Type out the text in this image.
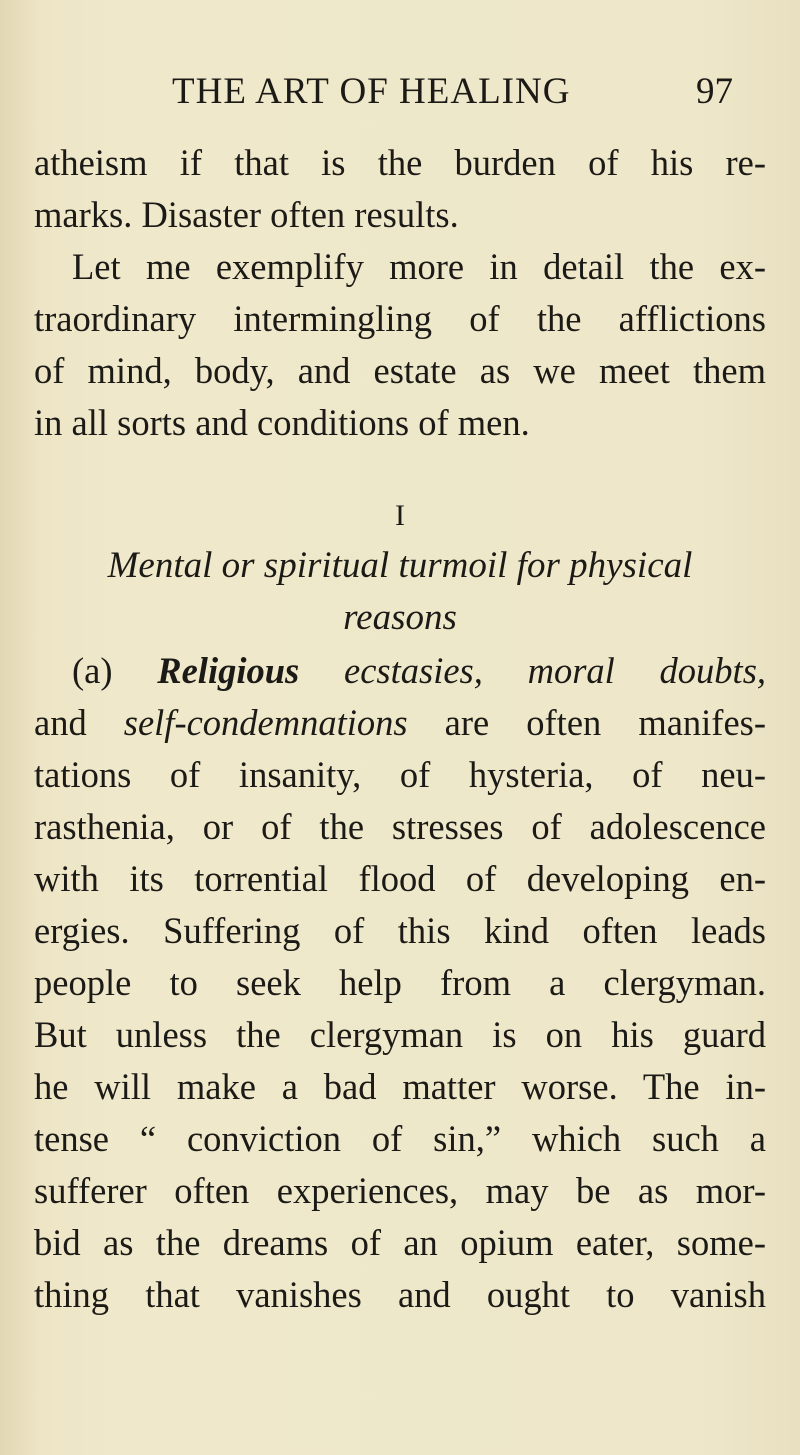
THE ART OF HEALING	97
atheism if that is the burden of his re-
marks. Disaster often results.
Let me exemplify more in detail the ex-
traordinary intermingling of the afflictions
of mind, body, and estate as we meet them
in all sorts and conditions of men.
I
Mental or spiritual turmoil for physical
reasons
(a) Religious ecstasies, moral doubts,
and self-condemnations are often manifes-
tations of insanity, of hysteria, of neu-
rasthenia, or of the stresses of adolescence
with its torrential flood of developing en-
ergies. Suffering of this kind often leads
people to seek help from a clergyman.
But unless the clergyman is on his guard
he will make a bad matter worse. The in-
tense “ conviction of sin,” which such a
sufferer often experiences, may be as mor-
bid as the dreams of an opium eater, some-
thing that vanishes and ought to vanish
